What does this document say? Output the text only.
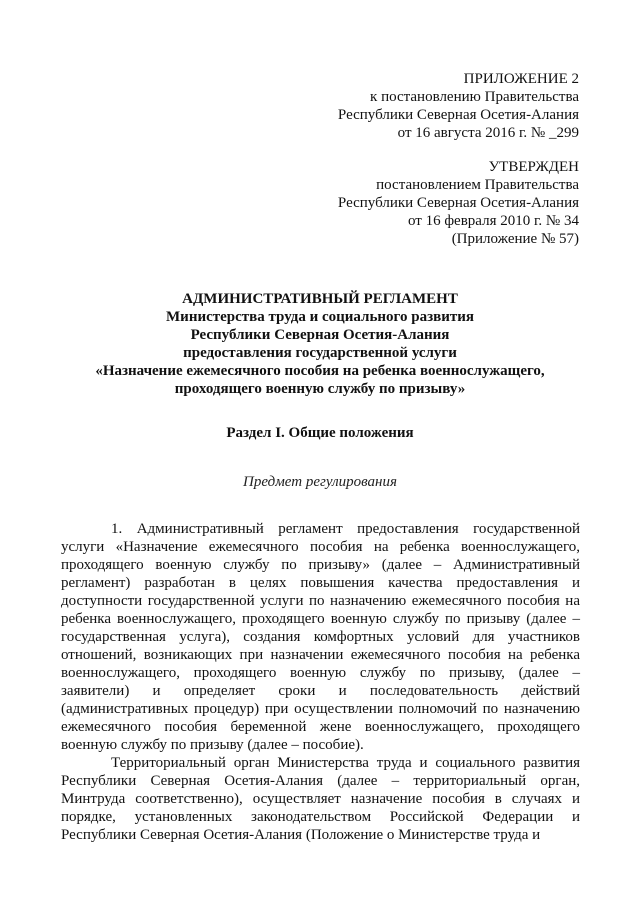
ПРИЛОЖЕНИЕ 2
к постановлению Правительства
Республики Северная Осетия-Алания
от 16 августа 2016 г. № _299
УТВЕРЖДЕН
постановлением Правительства
Республики Северная Осетия-Алания
от 16 февраля 2010 г. № 34
(Приложение № 57)
АДМИНИСТРАТИВНЫЙ РЕГЛАМЕНТ
Министерства труда и социального развития
Республики Северная Осетия-Алания
предоставления государственной услуги
«Назначение ежемесячного пособия на ребенка военнослужащего,
проходящего военную службу по призыву»
Раздел I. Общие положения
Предмет регулирования

1. Административный регламент предоставления государственной услуги «Назначение ежемесячного пособия на ребенка военнослужащего, проходящего военную службу по призыву» (далее – Административный регламент) разработан в целях повышения качества предоставления и доступности государственной услуги по назначению ежемесячного пособия на ребенка военнослужащего, проходящего военную службу по призыву (далее – государственная услуга), создания комфортных условий для участников отношений, возникающих при назначении ежемесячного пособия на ребенка военнослужащего, проходящего военную службу по призыву, (далее – заявители) и определяет сроки и последовательность действий (административных процедур) при осуществлении полномочий по назначению ежемесячного пособия беременной жене военнослужащего, проходящего военную службу по призыву (далее – пособие).

Территориальный орган Министерства труда и социального развития Республики Северная Осетия-Алания (далее – территориальный орган, Минтруда соответственно), осуществляет назначение пособия в случаях и порядке, установленных законодательством Российской Федерации и Республики Северная Осетия-Алания (Положение о Министерстве труда и
